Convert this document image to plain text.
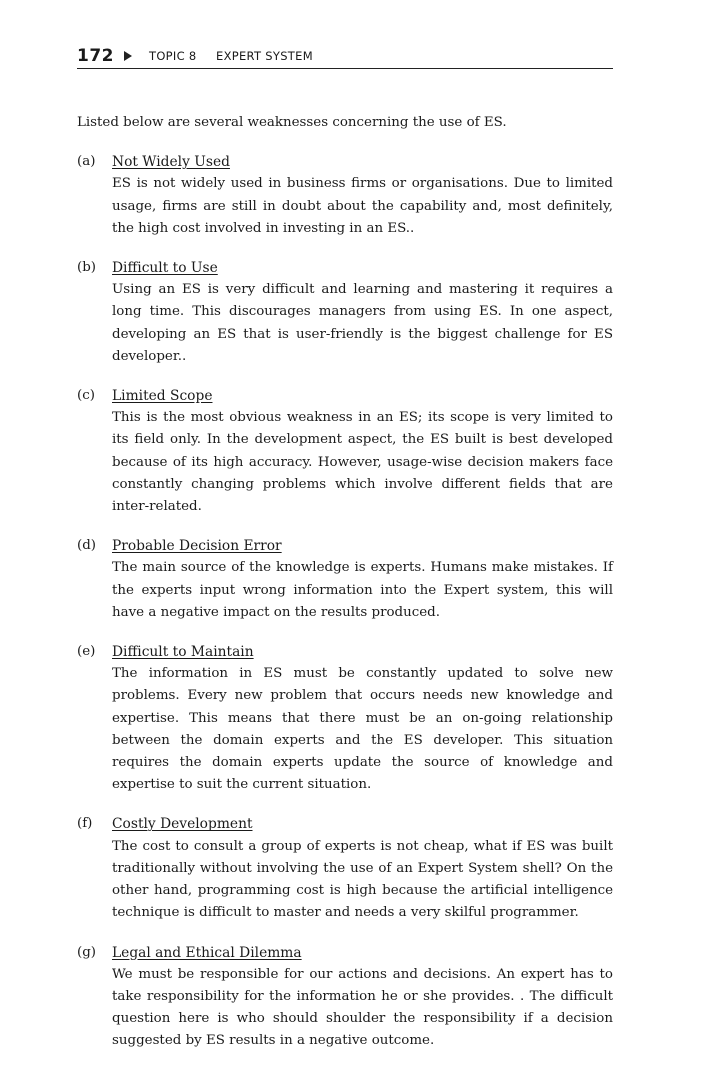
172	TOPIC 8 EXPERT SYSTEM

Listed below are several weaknesses concerning the use of ES.

(a) Not Widely Used
ES is not widely used in business firms or organisations. Due to limited usage, firms are still in doubt about the capability and, most definitely, the high cost involved in investing in an ES..
(b) Difficult to Use
Using an ES is very difficult and learning and mastering it requires a long time. This discourages managers from using ES. In one aspect, developing an ES that is user-friendly is the biggest challenge for ES developer..
(c) Limited Scope
This is the most obvious weakness in an ES; its scope is very limited to its field only. In the development aspect, the ES built is best developed because of its high accuracy. However, usage-wise decision makers face constantly changing problems which involve different fields that are inter-related.
(d) Probable Decision Error
The main source of the knowledge is experts. Humans make mistakes. If the experts input wrong information into the Expert system, this will have a negative impact on the results produced.
(e) Difficult to Maintain
The information in ES must be constantly updated to solve new problems. Every new problem that occurs needs new knowledge and expertise. This means that there must be an on-going relationship between the domain experts and the ES developer. This situation requires the domain experts update the source of knowledge and expertise to suit the current situation.
(f) Costly Development
The cost to consult a group of experts is not cheap, what if ES was built traditionally without involving the use of an Expert System shell? On the other hand, programming cost is high because the artificial intelligence technique is difficult to master and needs a very skilful programmer.
(g) Legal and Ethical Dilemma
We must be responsible for our actions and decisions. An expert has to take responsibility for the information he or she provides. . The difficult question here is who should shoulder the responsibility if a decision suggested by ES results in a negative outcome.
